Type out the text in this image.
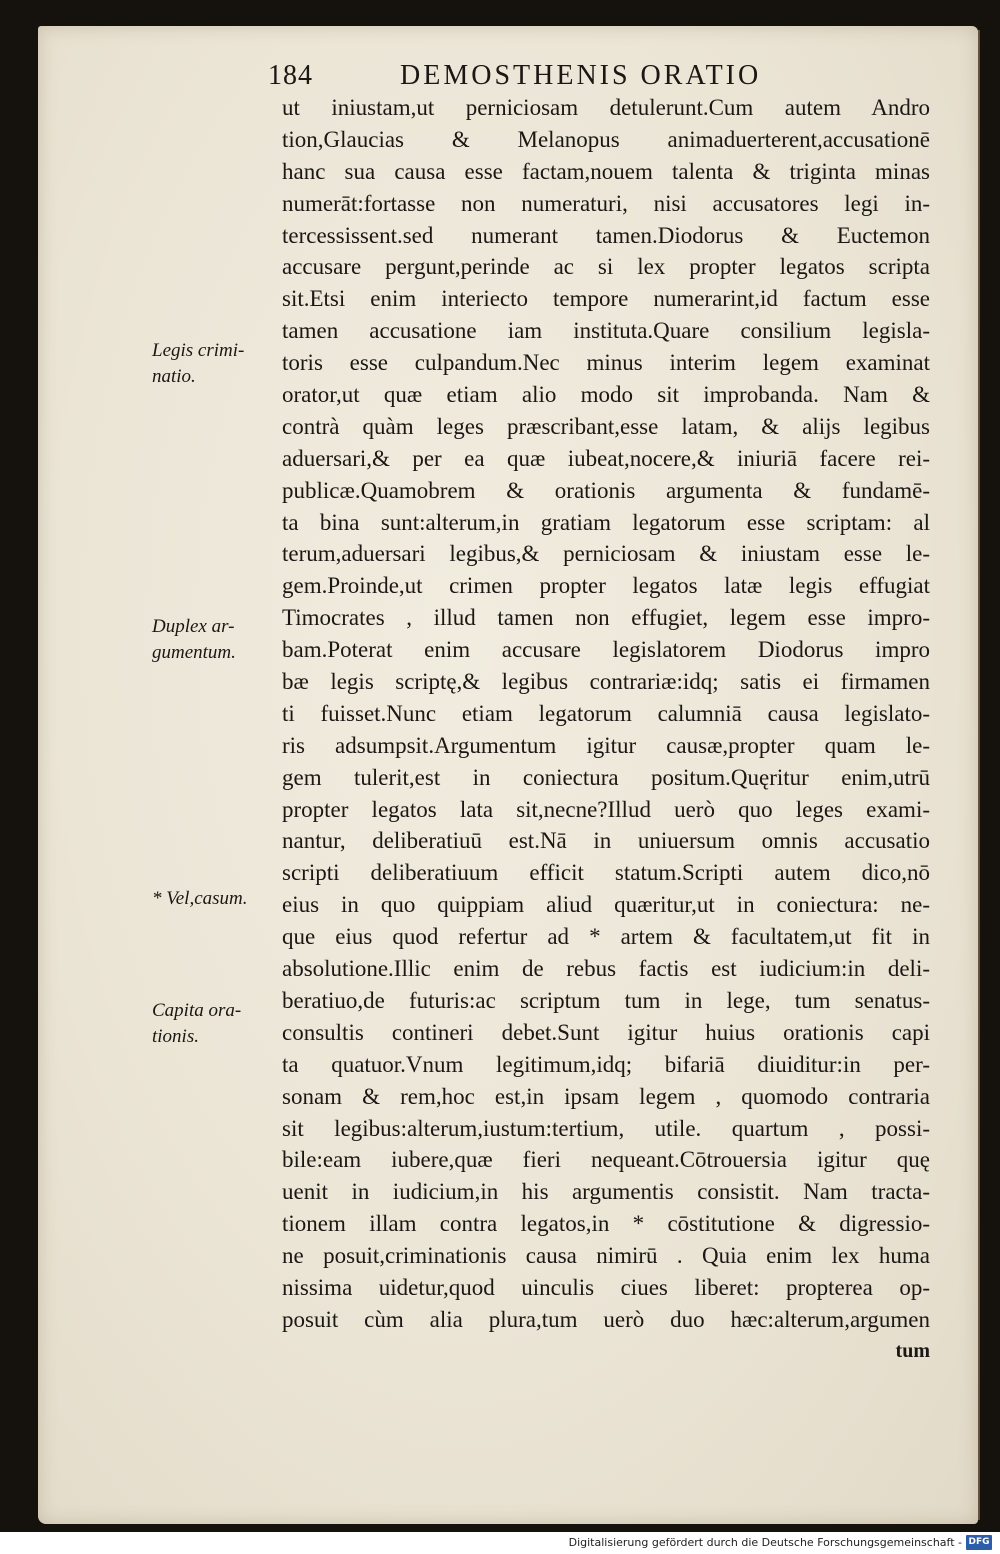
184	DEMOSTHENIS ORATIO
ut iniustam,ut perniciosam detulerunt.Cum autem Andro
tion,Glaucias & Melanopus animaduerterent,accusationē
hanc sua causa esse factam,nouem talenta & triginta minas
numerāt:fortasse non numeraturi, nisi accusatores legi in-
tercessissent.sed numerant tamen.Diodorus & Euctemon
accusare pergunt,perinde ac si lex propter legatos scripta
sit.Etsi enim interiecto tempore numerarint,id factum esse
tamen accusatione iam instituta.Quare consilium legisla-
toris esse culpandum.Nec minus interim legem examinat
orator,ut quæ etiam alio modo sit improbanda. Nam &
contrà quàm leges præscribant,esse latam, & alijs legibus
aduersari,& per ea quæ iubeat,nocere,& iniuriā facere rei-
publicæ.Quamobrem & orationis argumenta & fundamē-
ta bina sunt:alterum,in gratiam legatorum esse scriptam: al
terum,aduersari legibus,& perniciosam & iniustam esse le-
gem.Proinde,ut crimen propter legatos latæ legis effugiat
Timocrates , illud tamen non effugiet, legem esse impro-
bam.Poterat enim accusare legislatorem Diodorus impro
bæ legis scriptę,& legibus contrariæ:idq; satis ei firmamen
ti fuisset.Nunc etiam legatorum calumniā causa legislato-
ris adsumpsit.Argumentum igitur causæ,propter quam le-
gem tulerit,est in coniectura positum.Quęritur enim,utrū
propter legatos lata sit,necne?Illud uerò quo leges exami-
nantur, deliberatiuū est.Nā in uniuersum omnis accusatio
scripti deliberatiuum efficit statum.Scripti autem dico,nō
eius in quo quippiam aliud quæritur,ut in coniectura: ne-
que eius quod refertur ad * artem & facultatem,ut fit in
absolutione.Illic enim de rebus factis est iudicium:in deli-
beratiuo,de futuris:ac scriptum tum in lege, tum senatus-
consultis contineri debet.Sunt igitur huius orationis capi
ta quatuor.Vnum legitimum,idq; bifariā diuiditur:in per-
sonam & rem,hoc est,in ipsam legem , quomodo contraria
sit legibus:alterum,iustum:tertium, utile. quartum , possi-
bile:eam iubere,quæ fieri nequeant.Cōtrouersia igitur quę
uenit in iudicium,in his argumentis consistit. Nam tracta-
tionem illam contra legatos,in * cōstitutione & digressio-
ne posuit,criminationis causa nimirū . Quia enim lex huma
nissima uidetur,quod uinculis ciues liberet: propterea op-
posuit cùm alia plura,tum uerò duo hæc:alterum,argumen
tum
Legis crimi-
natio.
Duplex ar-
gumentum.
* Vel,casum.
Capita ora-
tionis.
Digitalisierung gefördert durch die Deutsche Forschungsgemeinschaft - DFG
